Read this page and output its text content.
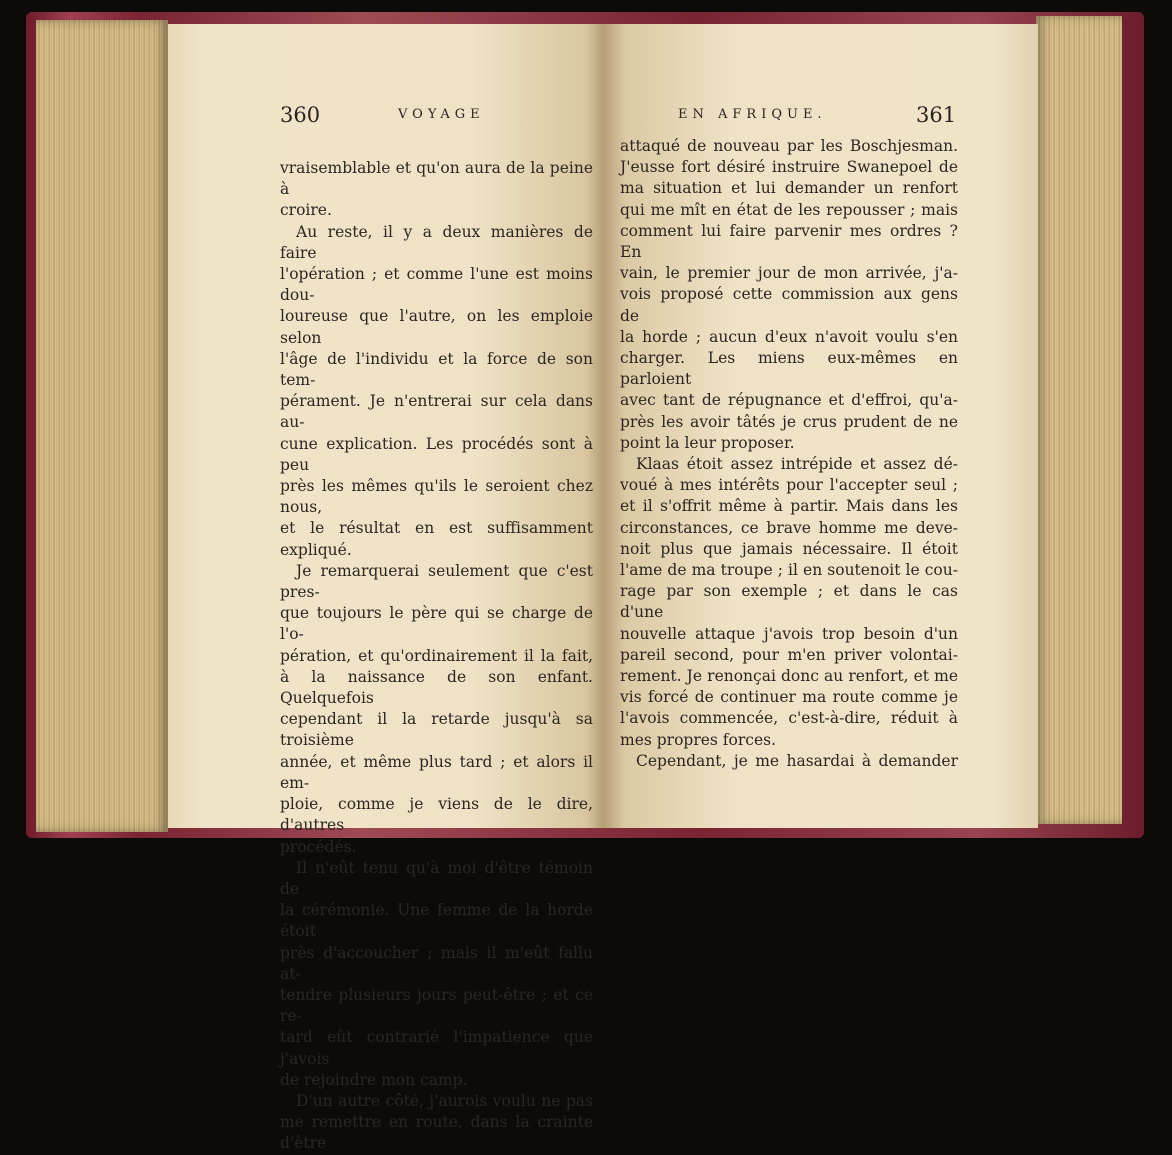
360	VOYAGE

vraisemblable et qu'on aura de la peine à

croire.

Au reste, il y a deux manières de faire

l'opération ; et comme l'une est moins dou-

loureuse que l'autre, on les emploie selon

l'âge de l'individu et la force de son tem-

pérament. Je n'entrerai sur cela dans au-

cune explication. Les procédés sont à peu

près les mêmes qu'ils le seroient chez nous,

et le résultat en est suffisamment expliqué.

Je remarquerai seulement que c'est pres-

que toujours le père qui se charge de l'o-

pération, et qu'ordinairement il la fait,

à la naissance de son enfant. Quelquefois

cependant il la retarde jusqu'à sa troisième

année, et même plus tard ; et alors il em-

ploie, comme je viens de le dire, d'autres

procédés.

Il n'eût tenu qu'à moi d'être témoin de

la cérémonie. Une femme de la horde étoit

près d'accoucher ; mais il m'eût fallu at-

tendre plusieurs jours peut-être ; et ce re-

tard eût contrarié l'impatience que j'avois

de rejoindre mon camp.

D'un autre côté, j'aurois voulu ne pas

me remettre en route, dans la crainte d'être

EN AFRIQUE.	361

attaqué de nouveau par les Boschjesman.

J'eusse fort désiré instruire Swanepoel de

ma situation et lui demander un renfort

qui me mît en état de les repousser ; mais

comment lui faire parvenir mes ordres ? En

vain, le premier jour de mon arrivée, j'a-

vois proposé cette commission aux gens de

la horde ; aucun d'eux n'avoit voulu s'en

charger. Les miens eux-mêmes en parloient

avec tant de répugnance et d'effroi, qu'a-

près les avoir tâtés je crus prudent de ne

point la leur proposer.

Klaas étoit assez intrépide et assez dé-

voué à mes intérêts pour l'accepter seul ;

et il s'offrit même à partir. Mais dans les

circonstances, ce brave homme me deve-

noit plus que jamais nécessaire. Il étoit

l'ame de ma troupe ; il en soutenoit le cou-

rage par son exemple ; et dans le cas d'une

nouvelle attaque j'avois trop besoin d'un

pareil second, pour m'en priver volontai-

rement. Je renonçai donc au renfort, et me

vis forcé de continuer ma route comme je

l'avois commencée, c'est-à-dire, réduit à

mes propres forces.

Cependant, je me hasardai à demander
